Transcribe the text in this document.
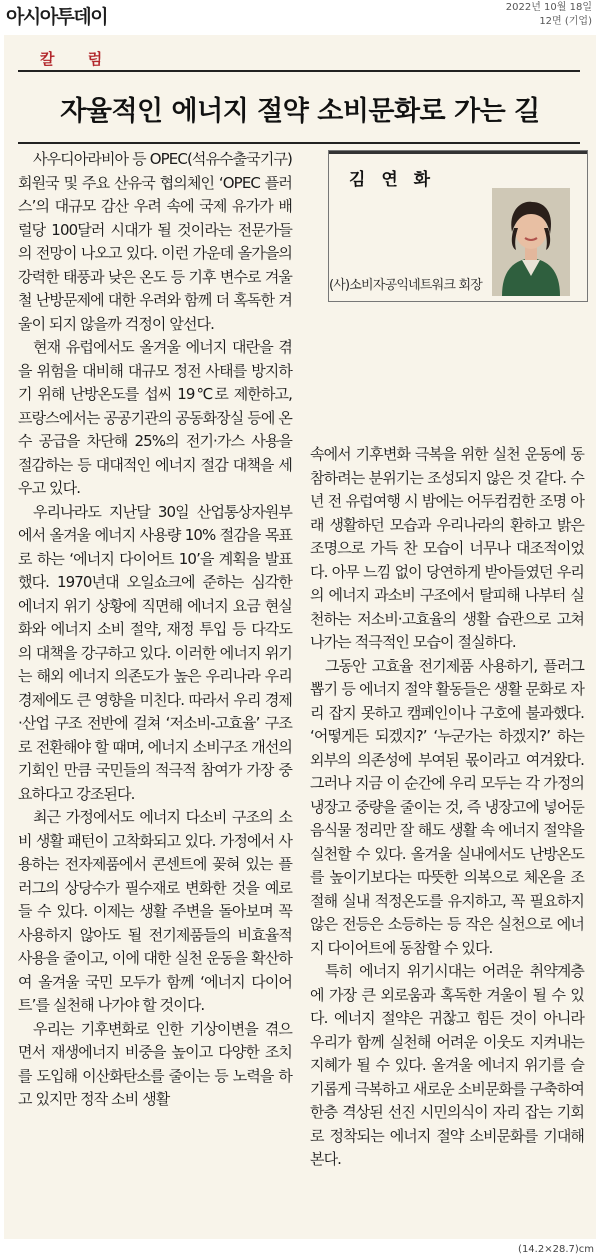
아시아투데이	2022년 10월 18일
12면 (기업)
칼 럼
자율적인 에너지 절약 소비문화로 가는 길

사우디아라비아 등 OPEC(석유수출국기구) 회원국 및 주요 산유국 협의체인 ‘OPEC 플러스’의 대규모 감산 우려 속에 국제 유가가 배럴당 100달러 시대가 될 것이라는 전문가들의 전망이 나오고 있다. 이런 가운데 올가을의 강력한 태풍과 낮은 온도 등 기후 변수로 겨울철 난방문제에 대한 우려와 함께 더 혹독한 겨울이 되지 않을까 걱정이 앞선다.

현재 유럽에서도 올겨울 에너지 대란을 겪을 위험을 대비해 대규모 정전 사태를 방지하기 위해 난방온도를 섭씨 19℃로 제한하고, 프랑스에서는 공공기관의 공동화장실 등에 온수 공급을 차단해 25%의 전기·가스 사용을 절감하는 등 대대적인 에너지 절감 대책을 세우고 있다.

우리나라도 지난달 30일 산업통상자원부에서 올겨울 에너지 사용량 10% 절감을 목표로 하는 ‘에너지 다이어트 10’을 계획을 발표했다. 1970년대 오일쇼크에 준하는 심각한 에너지 위기 상황에 직면해 에너지 요금 현실화와 에너지 소비 절약, 재정 투입 등 다각도의 대책을 강구하고 있다. 이러한 에너지 위기는 해외 에너지 의존도가 높은 우리나라 우리 경제에도 큰 영향을 미친다. 따라서 우리 경제·산업 구조 전반에 걸쳐 ‘저소비-고효율’ 구조로 전환해야 할 때며, 에너지 소비구조 개선의 기회인 만큼 국민들의 적극적 참여가 가장 중요하다고 강조된다.

최근 가정에서도 에너지 다소비 구조의 소비 생활 패턴이 고착화되고 있다. 가정에서 사용하는 전자제품에서 콘센트에 꽂혀 있는 플러그의 상당수가 필수재로 변화한 것을 예로 들 수 있다. 이제는 생활 주변을 돌아보며 꼭 사용하지 않아도 될 전기제품들의 비효율적 사용을 줄이고, 이에 대한 실천 운동을 확산하여 올겨울 국민 모두가 함께 ‘에너지 다이어트’를 실천해 나가야 할 것이다.

우리는 기후변화로 인한 기상이변을 겪으면서 재생에너지 비중을 높이고 다양한 조치를 도입해 이산화탄소를 줄이는 등 노력을 하고 있지만 정작 소비 생활

김 연 화
(사)소비자공익네트워크 회장

속에서 기후변화 극복을 위한 실천 운동에 동참하려는 분위기는 조성되지 않은 것 같다. 수년 전 유럽여행 시 밤에는 어두컴컴한 조명 아래 생활하던 모습과 우리나라의 환하고 밝은 조명으로 가득 찬 모습이 너무나 대조적이었다. 아무 느낌 없이 당연하게 받아들였던 우리의 에너지 과소비 구조에서 탈피해 나부터 실천하는 저소비·고효율의 생활 습관으로 고쳐 나가는 적극적인 모습이 절실하다.

그동안 고효율 전기제품 사용하기, 플러그 뽑기 등 에너지 절약 활동들은 생활 문화로 자리 잡지 못하고 캠페인이나 구호에 불과했다. ‘어떻게든 되겠지?’ ‘누군가는 하겠지?’ 하는 외부의 의존성에 부여된 몫이라고 여겨왔다. 그러나 지금 이 순간에 우리 모두는 각 가정의 냉장고 중량을 줄이는 것, 즉 냉장고에 넣어둔 음식물 정리만 잘 해도 생활 속 에너지 절약을 실천할 수 있다. 올겨울 실내에서도 난방온도를 높이기보다는 따뜻한 의복으로 체온을 조절해 실내 적정온도를 유지하고, 꼭 필요하지 않은 전등은 소등하는 등 작은 실천으로 에너지 다이어트에 동참할 수 있다.

특히 에너지 위기시대는 어려운 취약계층에 가장 큰 외로움과 혹독한 겨울이 될 수 있다. 에너지 절약은 귀찮고 힘든 것이 아니라 우리가 함께 실천해 어려운 이웃도 지켜내는 지혜가 될 수 있다. 올겨울 에너지 위기를 슬기롭게 극복하고 새로운 소비문화를 구축하여 한층 격상된 선진 시민의식이 자리 잡는 기회로 정착되는 에너지 절약 소비문화를 기대해 본다.

(14.2×28.7)cm
